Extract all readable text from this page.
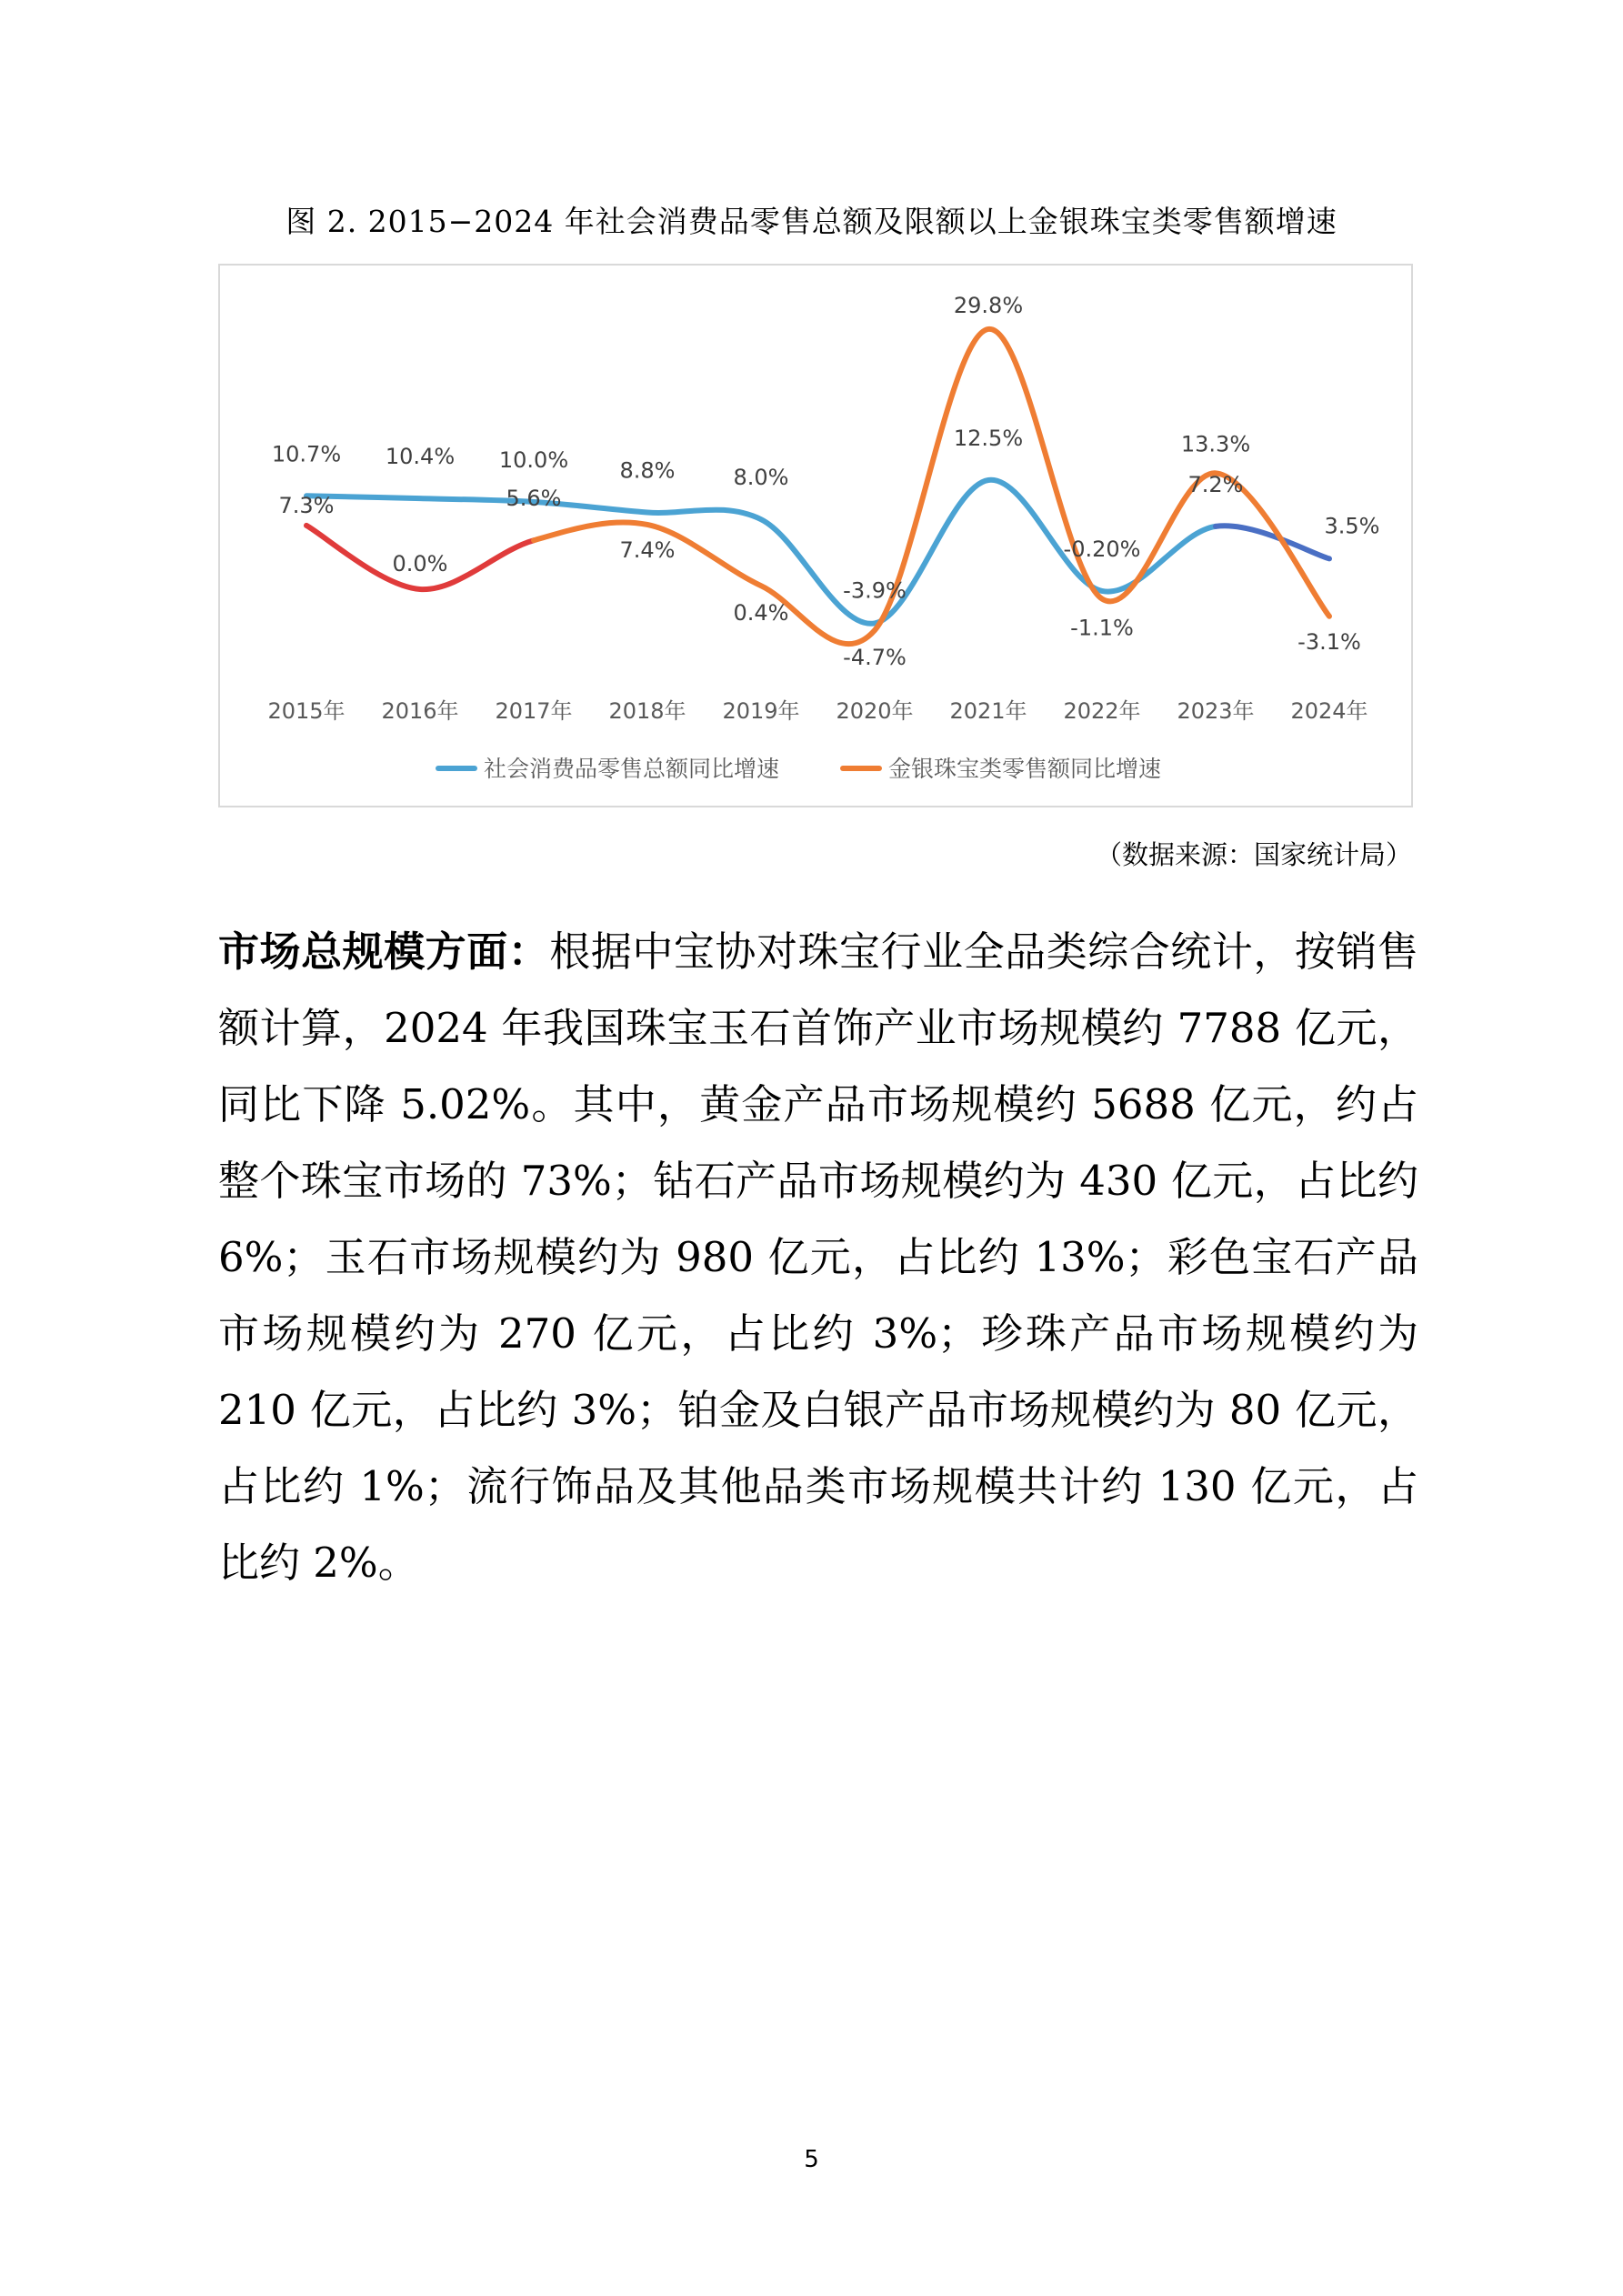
图 2. 2015−2024 年社会消费品零售总额及限额以上金银珠宝类零售额增速
10.7% 10.4% 10.0% 8.8%	8.0%
-3.9%
12.5%
-0.20%
7.2%
3.5%
7.3%
0.0%
5.6%
7.4%
0.4%
-4.7%
29.8%
-1.1%
13.3%
-3.1%
2015年 2016年 2017年 2018年 2019年 2020年 2021年 2022年 2023年 2024年
社会消费品零售总额同比增速	金银珠宝类零售额同比增速
（数据来源：国家统计局）
市场总规模方面：根据中宝协对珠宝行业全品类综合统计，按销售额计算，2024 年我国珠宝玉石首饰产业市场规模约 7788 亿元，同比下降 5.02%。其中，黄金产品市场规模约 5688 亿元，约占整个珠宝市场的 73%；钻石产品市场规模约为 430 亿元，占比约 6%；玉石市场规模约为 980 亿元，占比约 13%；彩色宝石产品市场规模约为 270 亿元，占比约 3%；珍珠产品市场规模约为 210 亿元，占比约 3%；铂金及白银产品市场规模约为 80 亿元，占比约 1%；流行饰品及其他品类市场规模共计约 130 亿元，占比约 2%。
5
